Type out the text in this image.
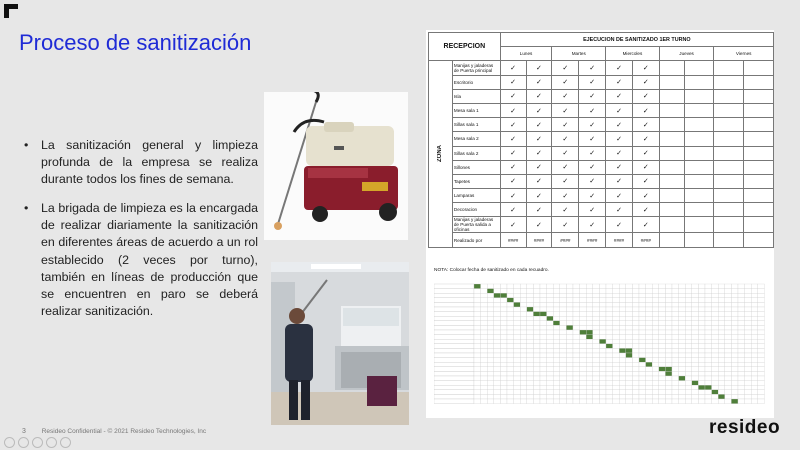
Proceso de sanitización
• La sanitización general y limpieza profunda de la empresa se realiza durante todos los fines de semana.
• La brigada de limpieza es la encargada de realizar diariamente la sanitización en diferentes áreas de acuerdo a un rol establecido (2 veces por turno), también en líneas de producción que se encuentren en paro se deberá realizar sanitización.
RECEPCION		EJECUCION DE SANITIZADO 1ER TURNO									
		Lunes		Martes		Miercoles		Jueves		Viernes	
ZONA	Manijas y jaladeras de Puerta principal	✓	✓	✓	✓	✓	✓				
	Escritorio	✓	✓	✓	✓	✓	✓				
	Isla	✓	✓	✓	✓	✓	✓				
	Mesa sala 1	✓	✓	✓	✓	✓	✓				
	Sillas sala 1	✓	✓	✓	✓	✓	✓				
	Mesa sala 2	✓	✓	✓	✓	✓	✓				
	Sillas sala 2	✓	✓	✓	✓	✓	✓				
	Sillones	✓	✓	✓	✓	✓	✓				
	Tapetes	✓	✓	✓	✓	✓	✓				
	Lamparas	✓	✓	✓	✓	✓	✓				
	Decoracion	✓	✓	✓	✓	✓	✓				
	Manijas y jaladeras de Puerta salida a oficinas	✓	✓	✓	✓	✓	✓				
	Realizado por	####	####	####	####	####	####				
NOTA: Colocar fecha de sanitizado en cada recuadro.
3 Resideo Confidential - © 2021 Resideo Technologies, Inc	resideo
